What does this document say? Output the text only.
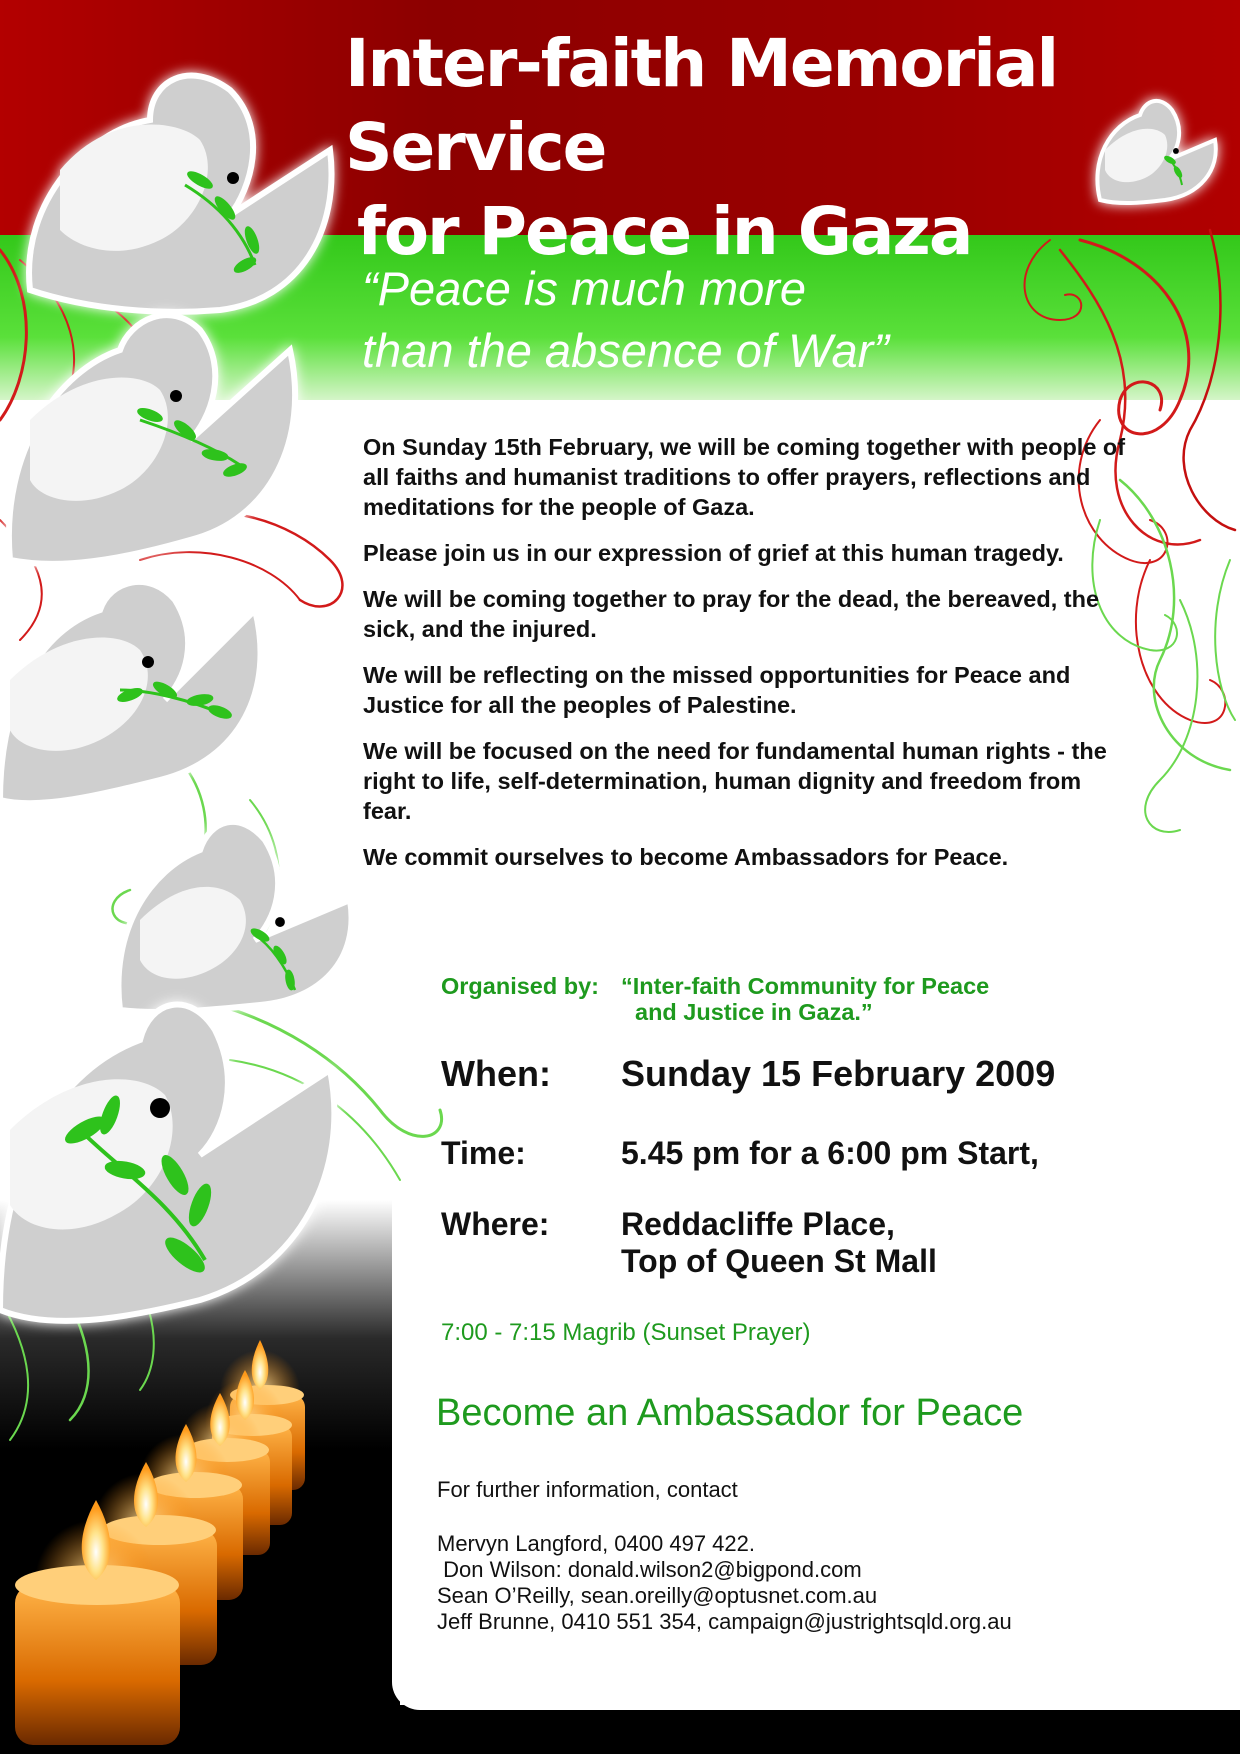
Inter-faith Memorial Service
for Peace in Gaza
“Peace is much more
than the absence of War”

On Sunday 15th February, we will be coming together with people of all faiths and humanist traditions to offer prayers, reflections and meditations for the people of Gaza.

Please join us in our expression of grief at this human tragedy.

We will be coming together to pray for the dead, the bereaved, the sick, and the injured.

We will be reflecting on the missed opportunities for Peace and Justice for all the peoples of Palestine.

We will be focused on the need for fundamental human rights - the right to life, self-determination, human dignity and freedom from fear.

We commit ourselves to become Ambassadors for Peace.

Organised by: “Inter-faith Community for Peace
and Justice in Gaza.”
When: Sunday 15 February 2009
Time:	5.45 pm for a 6:00 pm Start,
Where: Reddacliffe Place,
Top of Queen St Mall
7:00 - 7:15 Magrib (Sunset Prayer)
Become an Ambassador for Peace

For further information, contact

Mervyn Langford, 0400 497 422.
Don Wilson: donald.wilson2@bigpond.com
Sean O’Reilly, sean.oreilly@optusnet.com.au
Jeff Brunne, 0410 551 354, campaign@justrightsqld.org.au
